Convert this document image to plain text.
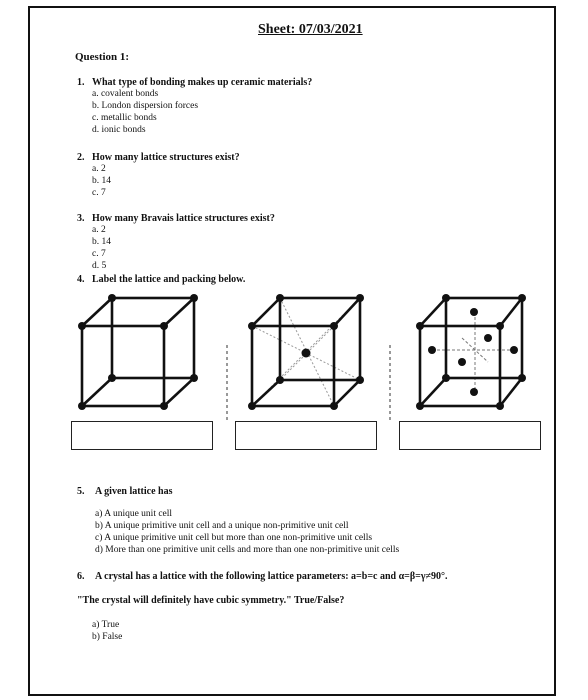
Sheet: 07/03/2021
Question 1:
1. What type of bonding makes up ceramic materials?
a. covalent bonds
b. London dispersion forces
c. metallic bonds
d. ionic bonds
2. How many lattice structures exist?
a. 2
b. 14
c. 7
3. How many Bravais lattice structures exist?
a. 2
b. 14
c. 7
d. 5
4. Label the lattice and packing below.
5. A given lattice has
a) A unique unit cell
b) A unique primitive unit cell and a unique non-primitive unit cell
c) A unique primitive unit cell but more than one non-primitive unit cells
d) More than one primitive unit cells and more than one non-primitive unit cells
6. A crystal has a lattice with the following lattice parameters: a=b=c and α=β=γ≠90°.
"The crystal will definitely have cubic symmetry." True/False?
a) True
b) False
